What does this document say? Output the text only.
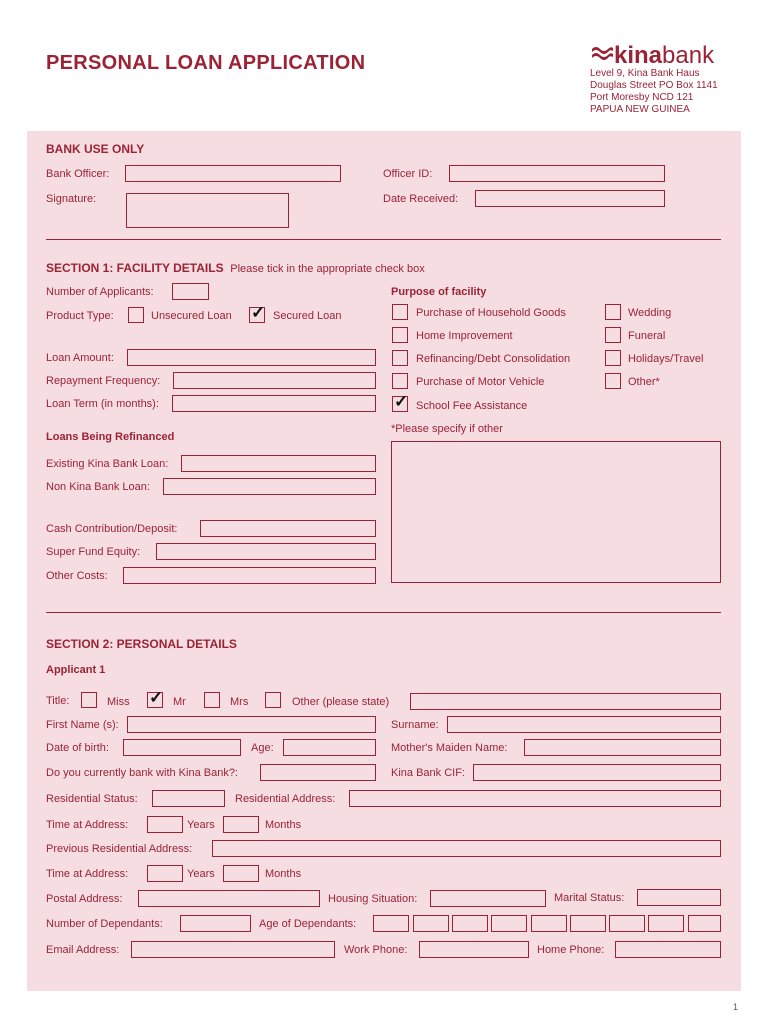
PERSONAL LOAN APPLICATION	kinabank
Level 9, Kina Bank Haus
Douglas Street PO Box 1141
Port Moresby NCD 121
PAPUA NEW GUINEA
BANK USE ONLY
Bank Officer:	Officer ID:
Signature:	Date Received:
SECTION 1: FACILITY DETAILS Please tick in the appropriate check box
Number of Applicants:
Product Type:	Unsecured Loan ✓ Secured Loan
Loan Amount:
Repayment Frequency:
Loan Term (in months):
Loans Being Refinanced
Existing Kina Bank Loan:
Non Kina Bank Loan:
Cash Contribution/Deposit:
Super Fund Equity:
Other Costs:
Purpose of facility
Purchase of Household Goods
Home Improvement
Refinancing/Debt Consolidation
Purchase of Motor Vehicle
✓ School Fee Assistance
Wedding
Funeral
Holidays/Travel
Other*
*Please specify if other
SECTION 2: PERSONAL DETAILS
Applicant 1
Title:	Miss ✓ Mr	Mrs	Other (please state)
First Name (s):	Surname:
Date of birth:	Age:	Mother's Maiden Name:
Do you currently bank with Kina Bank?:	Kina Bank CIF:
Residential Status:	Residential Address:
Time at Address:	Years	Months
Previous Residential Address:
Time at Address:	Years	Months
Postal Address:	Housing Situation:	Marital Status:
Number of Dependants:	Age of Dependants:
Email Address:	Work Phone:	Home Phone:
1
